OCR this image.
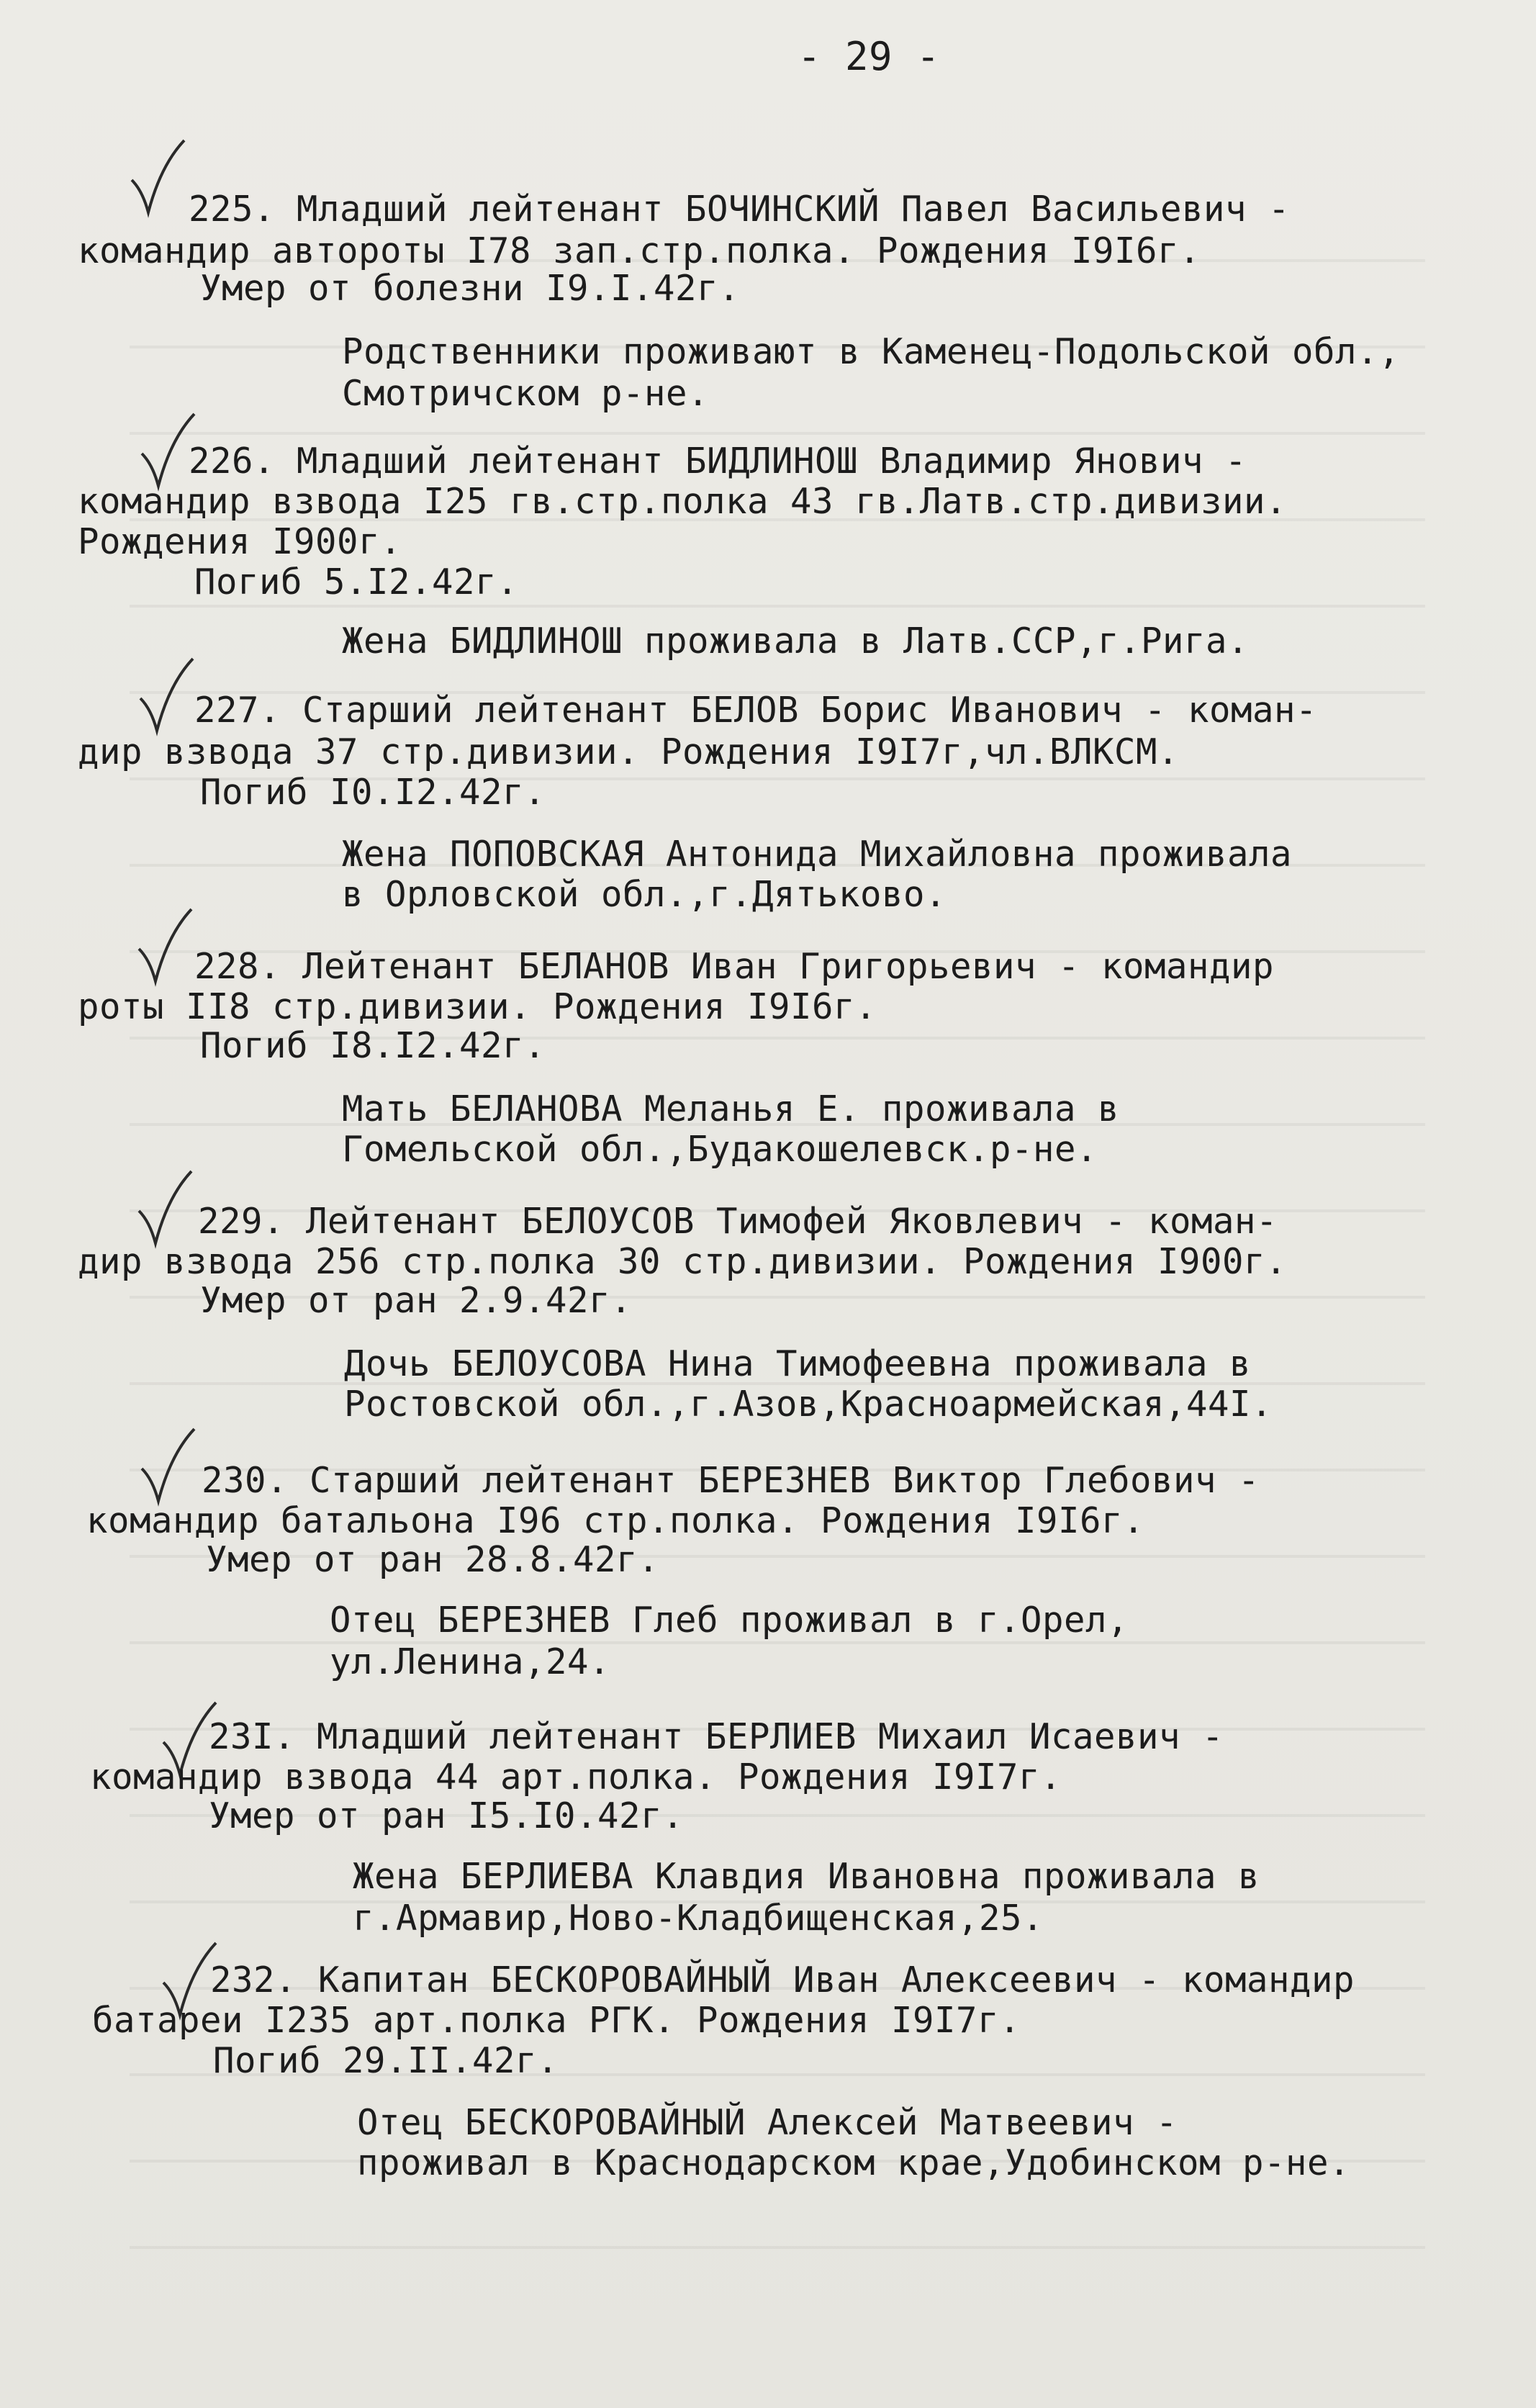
- 29 -
225. Младший лейтенант БОЧИНСКИЙ Павел Васильевич -
командир автороты I78 зап.стр.полка. Рождения I9I6г.
Умер от болезни I9.I.42г.
Родственники проживают в Каменец-Подольской обл.,
Смотричском р-не.
226. Младший лейтенант БИДЛИНОШ Владимир Янович -
командир взвода I25 гв.стр.полка 43 гв.Латв.стр.дивизии.
Рождения I900г.
Погиб 5.I2.42г.
Жена БИДЛИНОШ проживала в Латв.ССР,г.Рига.
227. Старший лейтенант БЕЛОВ Борис Иванович - коман-
дир взвода 37 стр.дивизии. Рождения I9I7г,чл.ВЛКСМ.
Погиб I0.I2.42г.
Жена ПОПОВСКАЯ Антонида Михайловна проживала
в Орловской обл.,г.Дятьково.
228. Лейтенант БЕЛАНОВ Иван Григорьевич - командир
роты II8 стр.дивизии. Рождения I9I6г.
Погиб I8.I2.42г.
Мать БЕЛАНОВА Меланья Е. проживала в
Гомельской обл.,Будакошелевск.р-не.
229. Лейтенант БЕЛОУСОВ Тимофей Яковлевич - коман-
дир взвода 256 стр.полка 30 стр.дивизии. Рождения I900г.
Умер от ран 2.9.42г.
Дочь БЕЛОУСОВА Нина Тимофеевна проживала в
Ростовской обл.,г.Азов,Красноармейская,44I.
230. Старший лейтенант БЕРЕЗНЕВ Виктор Глебович -
командир батальона I96 стр.полка. Рождения I9I6г.
Умер от ран 28.8.42г.
Отец БЕРЕЗНЕВ Глеб проживал в г.Орел,
ул.Ленина,24.
23I. Младший лейтенант БЕРЛИЕВ Михаил Исаевич -
командир взвода 44 арт.полка. Рождения I9I7г.
Умер от ран I5.I0.42г.
Жена БЕРЛИЕВА Клавдия Ивановна проживала в
г.Армавир,Ново-Кладбищенская,25.
232. Капитан БЕСКОРОВАЙНЫЙ Иван Алексеевич - командир
батареи I235 арт.полка РГК. Рождения I9I7г.
Погиб 29.II.42г.
Отец БЕСКОРОВАЙНЫЙ Алексей Матвеевич -
проживал в Краснодарском крае,Удобинском р-не.
